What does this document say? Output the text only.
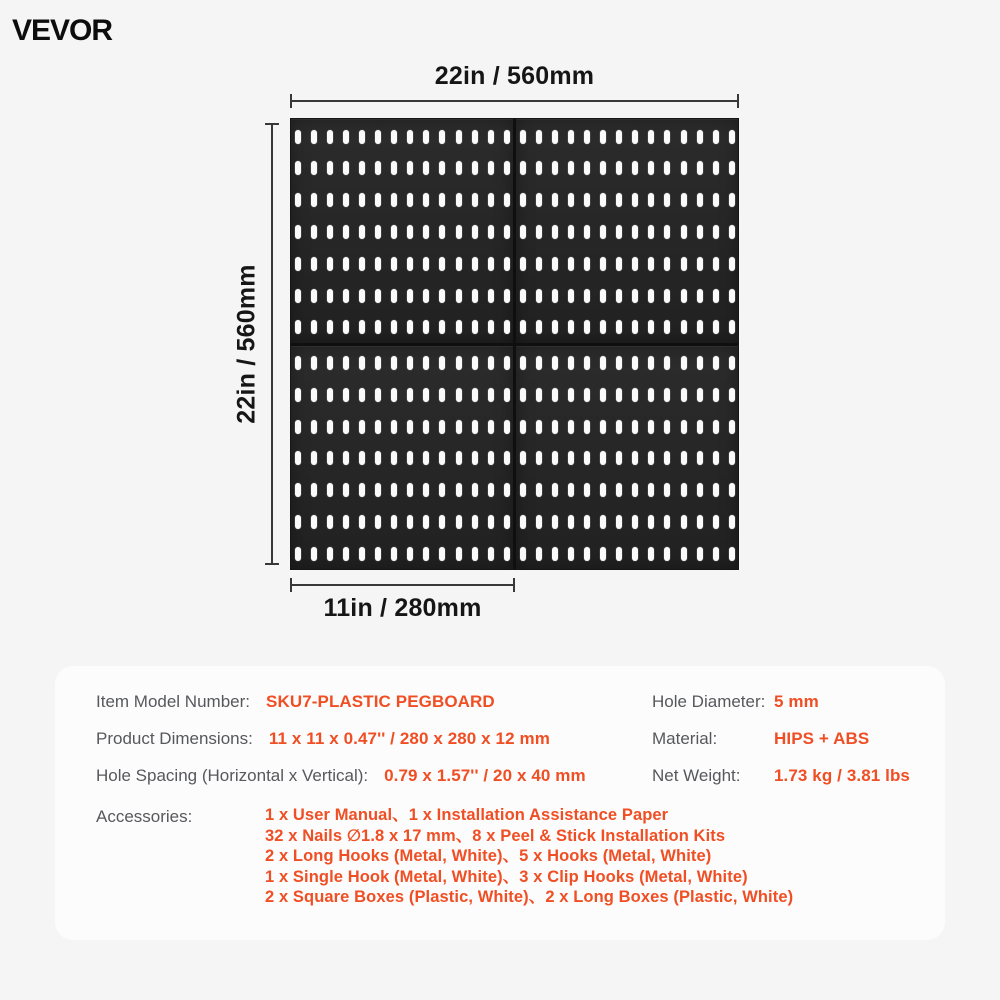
VEVOR
22in / 560mm
22in / 560mm
11in / 280mm
Item Model Number: SKU7-PLASTIC PEGBOARD
Product Dimensions: 11 x 11 x 0.47'' / 280 x 280 x 12 mm
Hole Spacing (Horizontal x Vertical): 0.79 x 1.57'' / 20 x 40 mm
Hole Diameter: 5 mm
Material:	HIPS + ABS
Net Weight:	1.73 kg / 3.81 lbs
Accessories:	1 x User Manual、1 x Installation Assistance Paper
32 x Nails ∅1.8 x 17 mm、8 x Peel & Stick Installation Kits
2 x Long Hooks (Metal, White)、5 x Hooks (Metal, White)
1 x Single Hook (Metal, White)、3 x Clip Hooks (Metal, White)
2 x Square Boxes (Plastic, White)、2 x Long Boxes (Plastic, White)
